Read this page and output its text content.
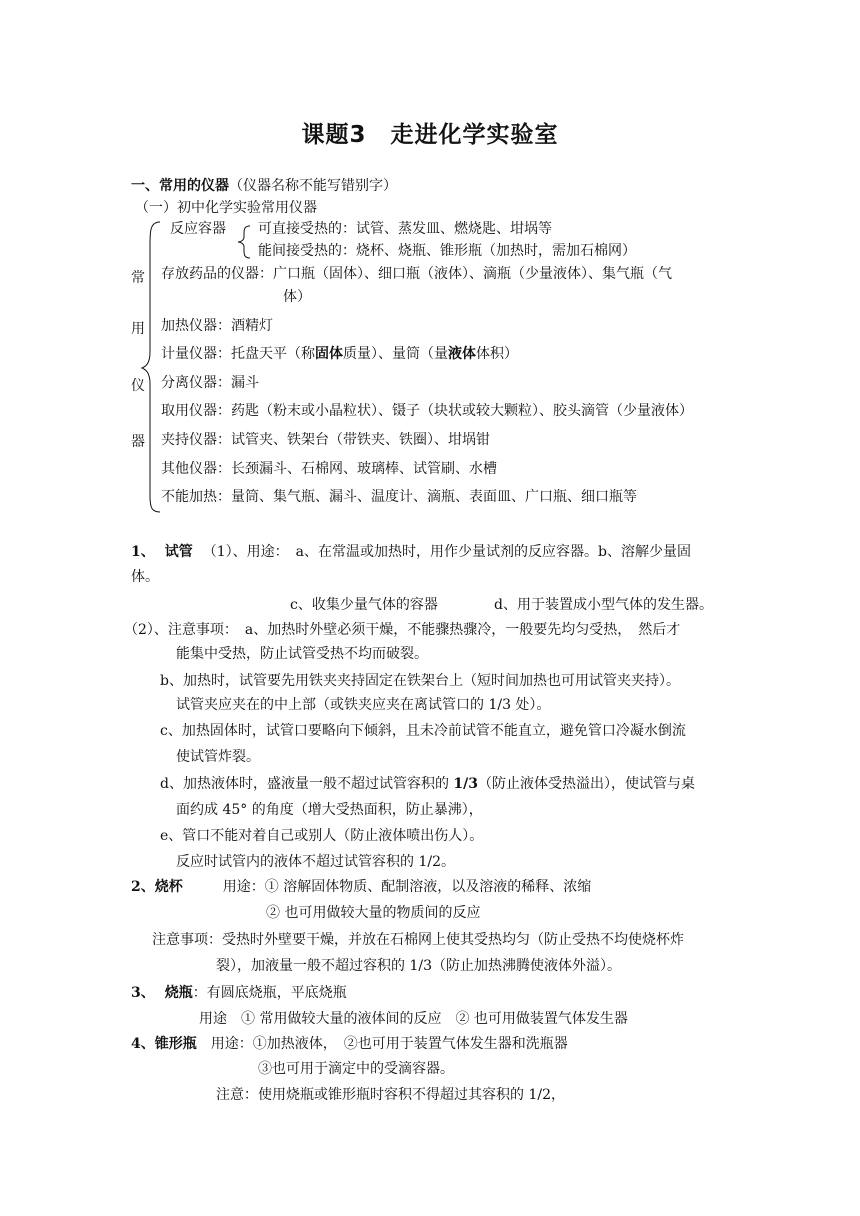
课题3　走进化学实验室
一、常用的仪器（仪器名称不能写错别字）
（一）初中化学实验常用仪器
常
用
仪
器
反应容器 可直接受热的：试管、蒸发皿、燃烧匙、坩埚等
能间接受热的：烧杯、烧瓶、锥形瓶（加热时，需加石棉网）
存放药品的仪器：广口瓶（固体）、细口瓶（液体）、滴瓶（少量液体）、集气瓶（气
体）
加热仪器：酒精灯
计量仪器：托盘天平（称固体质量）、量筒（量液体体积）
分离仪器：漏斗
取用仪器：药匙（粉末或小晶粒状）、镊子（块状或较大颗粒）、胶头滴管（少量液体）
夹持仪器：试管夹、铁架台（带铁夹、铁圈）、坩埚钳
其他仪器：长颈漏斗、石棉网、玻璃棒、试管刷、水槽
不能加热：量筒、集气瓶、漏斗、温度计、滴瓶、表面皿、广口瓶、细口瓶等
1、 试管 （1）、用途：　a、在常温或加热时，用作少量试剂的反应容器。b、溶解少量固
体。
c、收集少量气体的容器	d、用于装置成小型气体的发生器。
（2）、注意事项：　a、加热时外壁必须干燥，不能骤热骤冷，一般要先均匀受热，　然后才
能集中受热，防止试管受热不均而破裂。
b、加热时，试管要先用铁夹夹持固定在铁架台上（短时间加热也可用试管夹夹持）。
试管夹应夹在的中上部（或铁夹应夹在离试管口的 1/3 处）。
c、加热固体时，试管口要略向下倾斜，且未冷前试管不能直立，避免管口冷凝水倒流
使试管炸裂。
d、加热液体时，盛液量一般不超过试管容积的 1/3（防止液体受热溢出），使试管与桌
面约成 45° 的角度（增大受热面积，防止暴沸），
e、管口不能对着自己或别人（防止液体喷出伤人）。
反应时试管内的液体不超过试管容积的 1/2。
2、烧杯	用途：① 溶解固体物质、配制溶液，以及溶液的稀释、浓缩
② 也可用做较大量的物质间的反应
注意事项：受热时外壁要干燥，并放在石棉网上使其受热均匀（防止受热不均使烧杯炸
裂），加液量一般不超过容积的 1/3（防止加热沸腾使液体外溢）。
3、 烧瓶：有圆底烧瓶，平底烧瓶
用途　① 常用做较大量的液体间的反应　② 也可用做装置气体发生器
4、锥形瓶 用途：①加热液体，　②也可用于装置气体发生器和洗瓶器
③也可用于滴定中的受滴容器。
注意：使用烧瓶或锥形瓶时容积不得超过其容积的 1/2，
